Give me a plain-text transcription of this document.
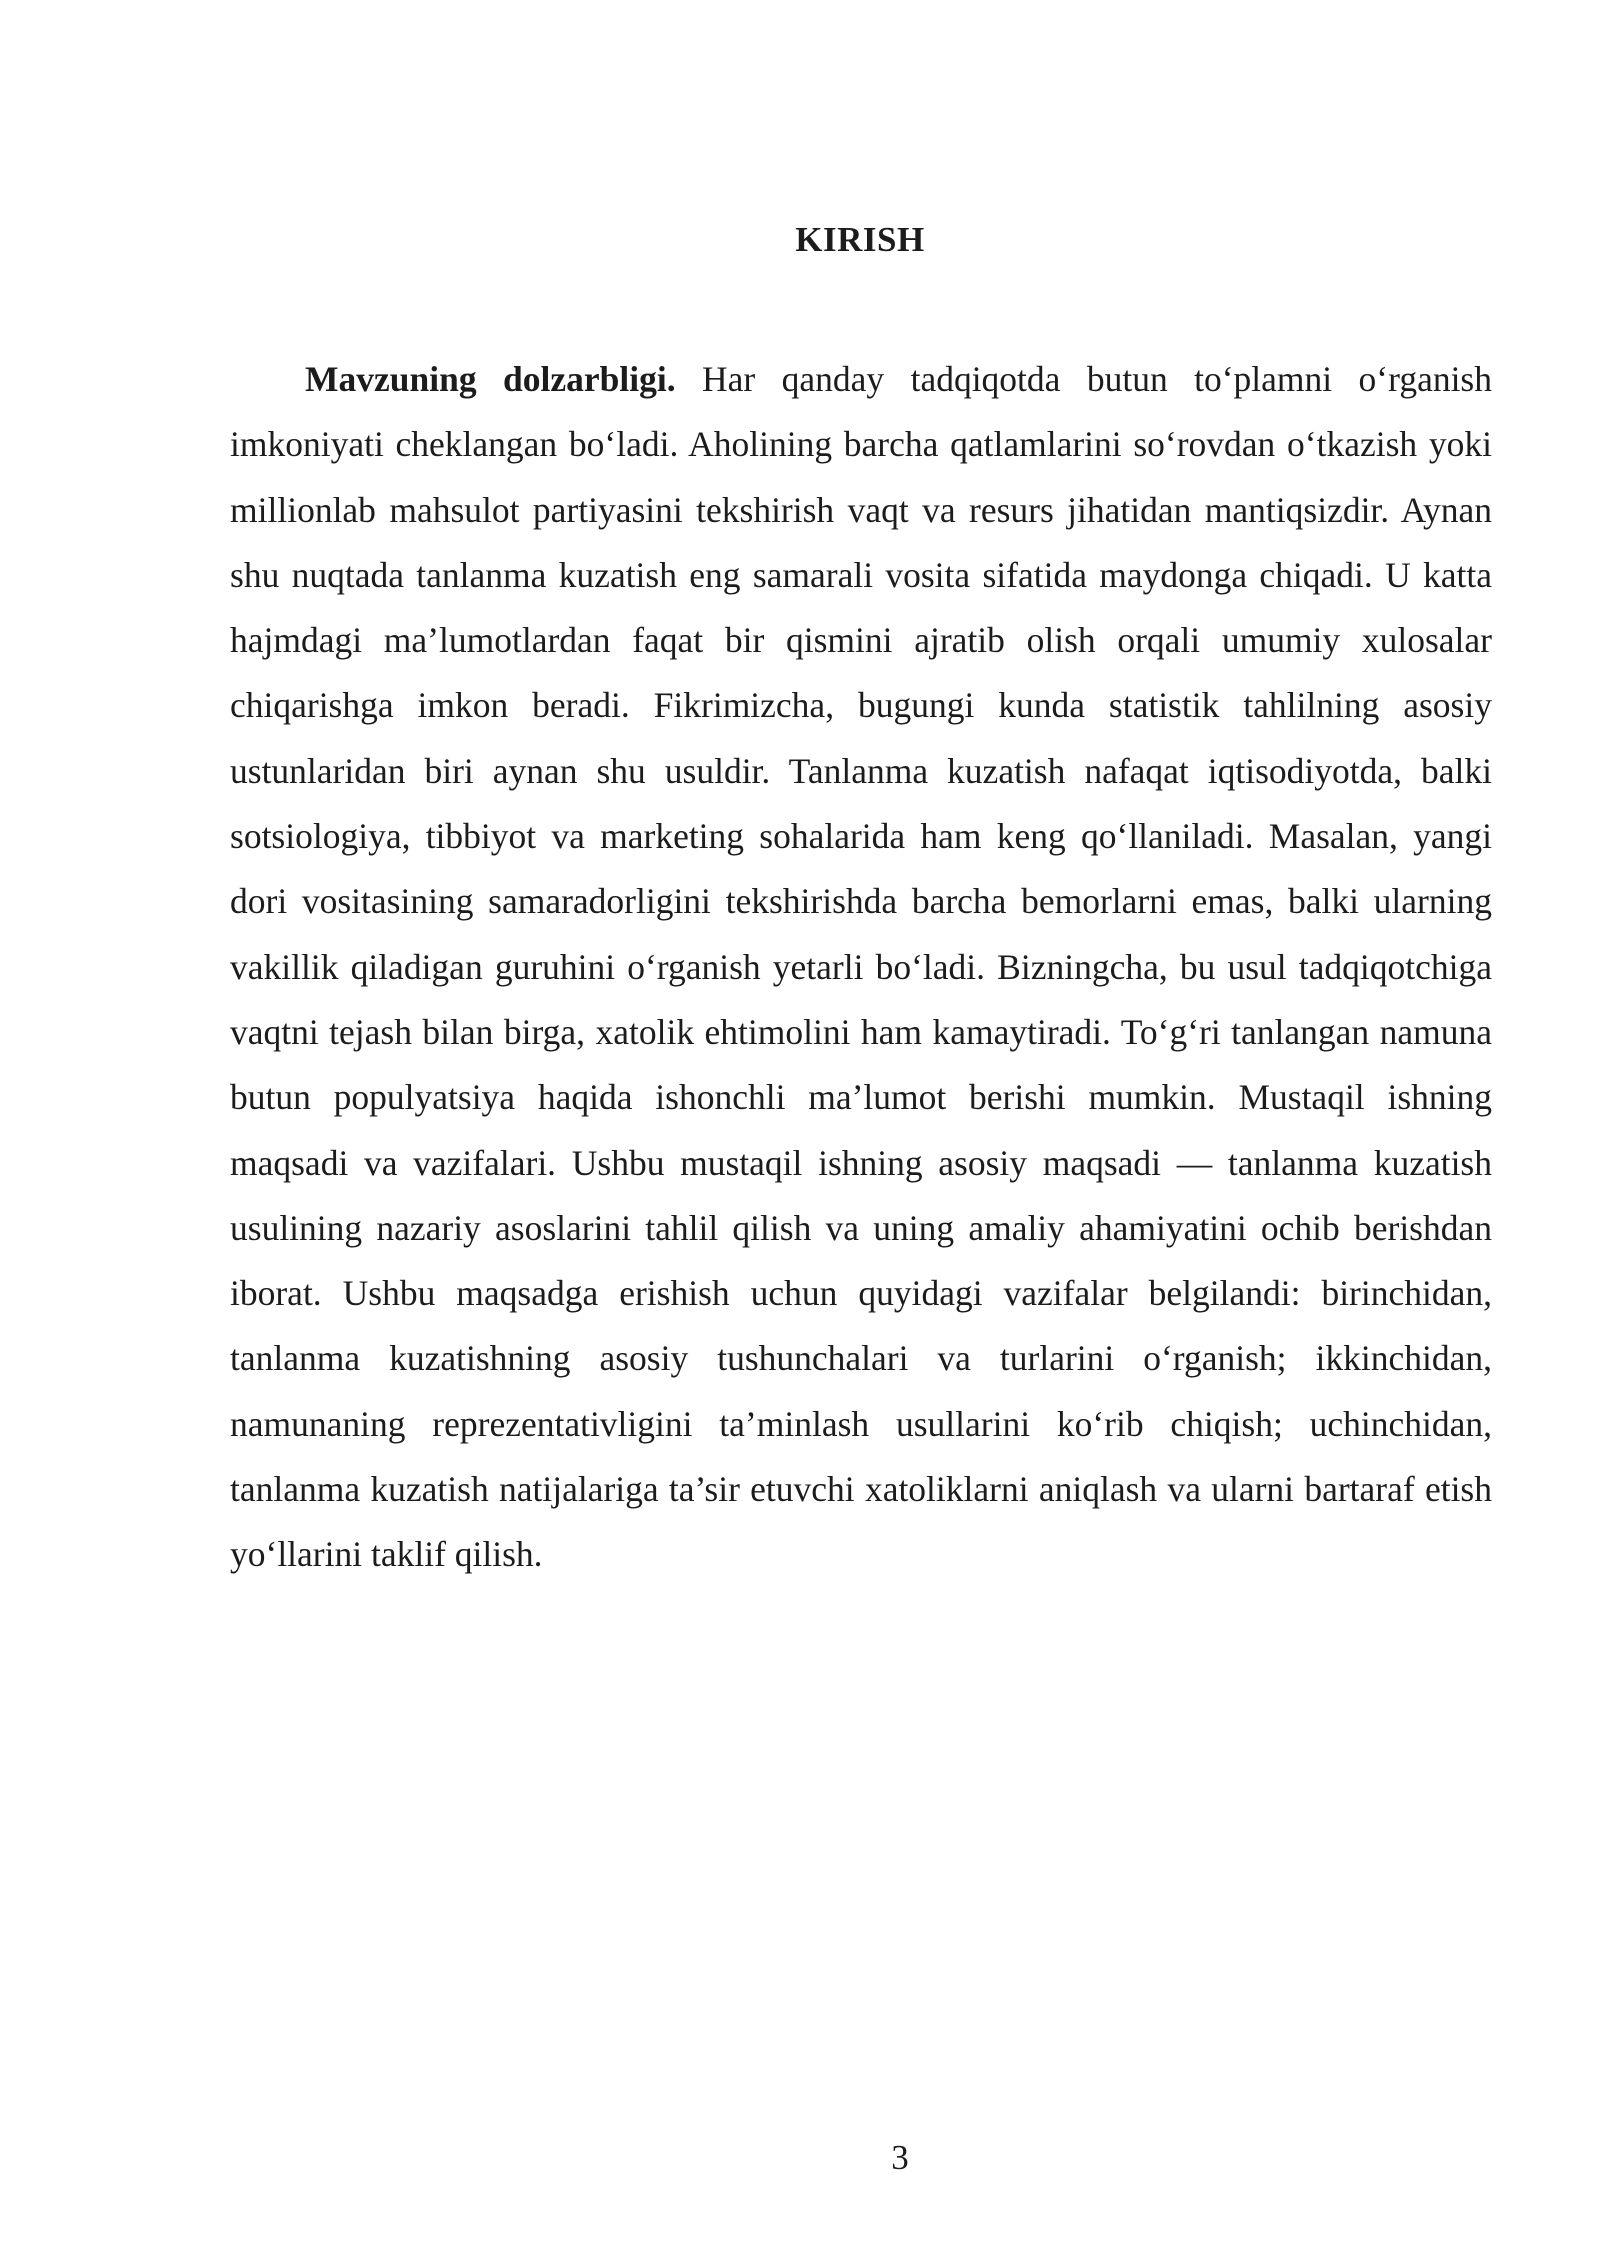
KIRISH

Mavzuning dolzarbligi. Har qanday tadqiqotda butun to‘plamni o‘rganish imkoniyati cheklangan bo‘ladi. Aholining barcha qatlamlarini so‘rovdan o‘tkazish yoki millionlab mahsulot partiyasini tekshirish vaqt va resurs jihatidan mantiqsizdir. Aynan shu nuqtada tanlanma kuzatish eng samarali vosita sifatida maydonga chiqadi. U katta hajmdagi ma’lumotlardan faqat bir qismini ajratib olish orqali umumiy xulosalar chiqarishga imkon beradi. Fikrimizcha, bugungi kunda statistik tahlilning asosiy ustunlaridan biri aynan shu usuldir. Tanlanma kuzatish nafaqat iqtisodiyotda, balki sotsiologiya, tibbiyot va marketing sohalarida ham keng qo‘llaniladi. Masalan, yangi dori vositasining samaradorligini tekshirishda barcha bemorlarni emas, balki ularning vakillik qiladigan guruhini o‘rganish yetarli bo‘ladi. Bizningcha, bu usul tadqiqotchiga vaqtni tejash bilan birga, xatolik ehtimolini ham kamaytiradi. To‘g‘ri tanlangan namuna butun populyatsiya haqida ishonchli ma’lumot berishi mumkin. Mustaqil ishning maqsadi va vazifalari. Ushbu mustaqil ishning asosiy maqsadi — tanlanma kuzatish usulining nazariy asoslarini tahlil qilish va uning amaliy ahamiyatini ochib berishdan iborat. Ushbu maqsadga erishish uchun quyidagi vazifalar belgilandi: birinchidan, tanlanma kuzatishning asosiy tushunchalari va turlarini o‘rganish; ikkinchidan, namunaning reprezentativligini ta’minlash usullarini ko‘rib chiqish; uchinchidan, tanlanma kuzatish natijalariga ta’sir etuvchi xatoliklarni aniqlash va ularni bartaraf etish yo‘llarini taklif qilish.

3
